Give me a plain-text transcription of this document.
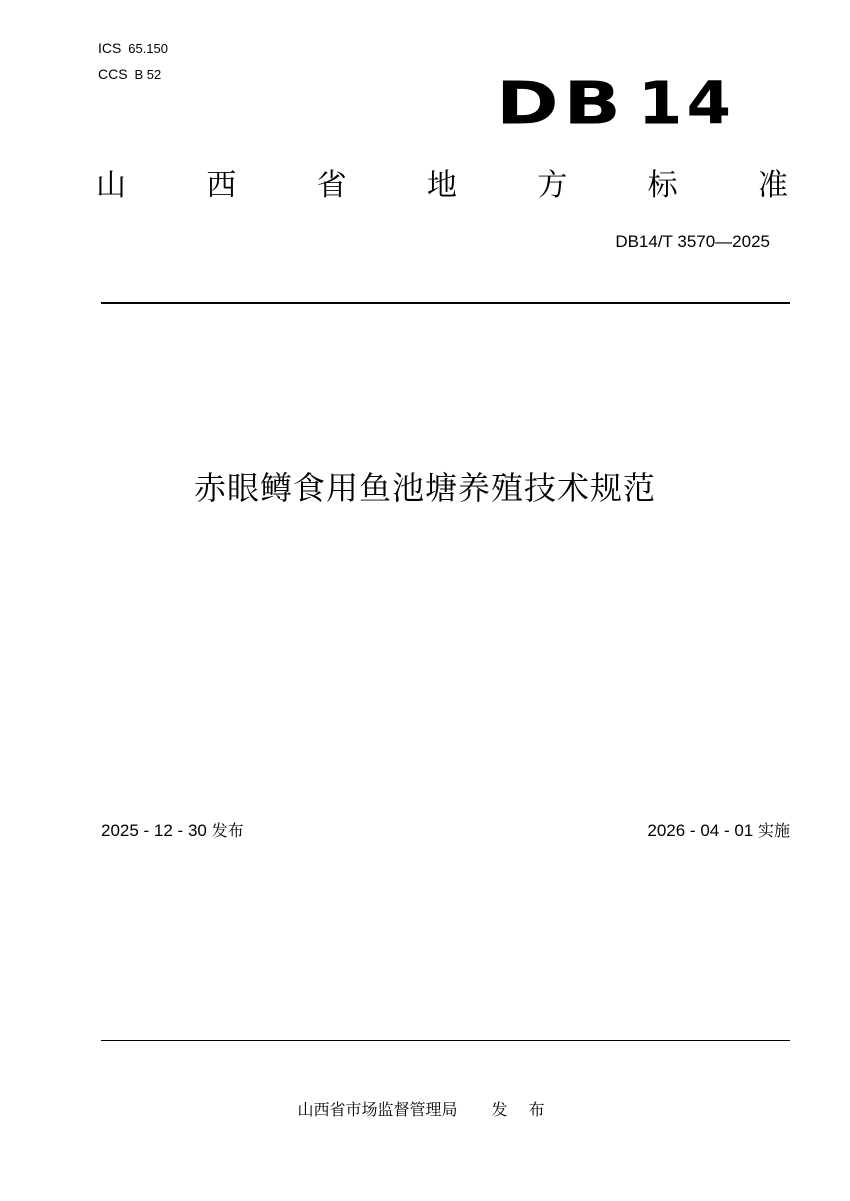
ICS 65.150
CCS B 52	DB 14
山	西	省	地	方	标	准
DB14/T 3570—2025
赤眼鳟食用鱼池塘养殖技术规范
2025 - 12 - 30 发布	2026 - 04 - 01 实施
山西省市场监督管理局 发 布
